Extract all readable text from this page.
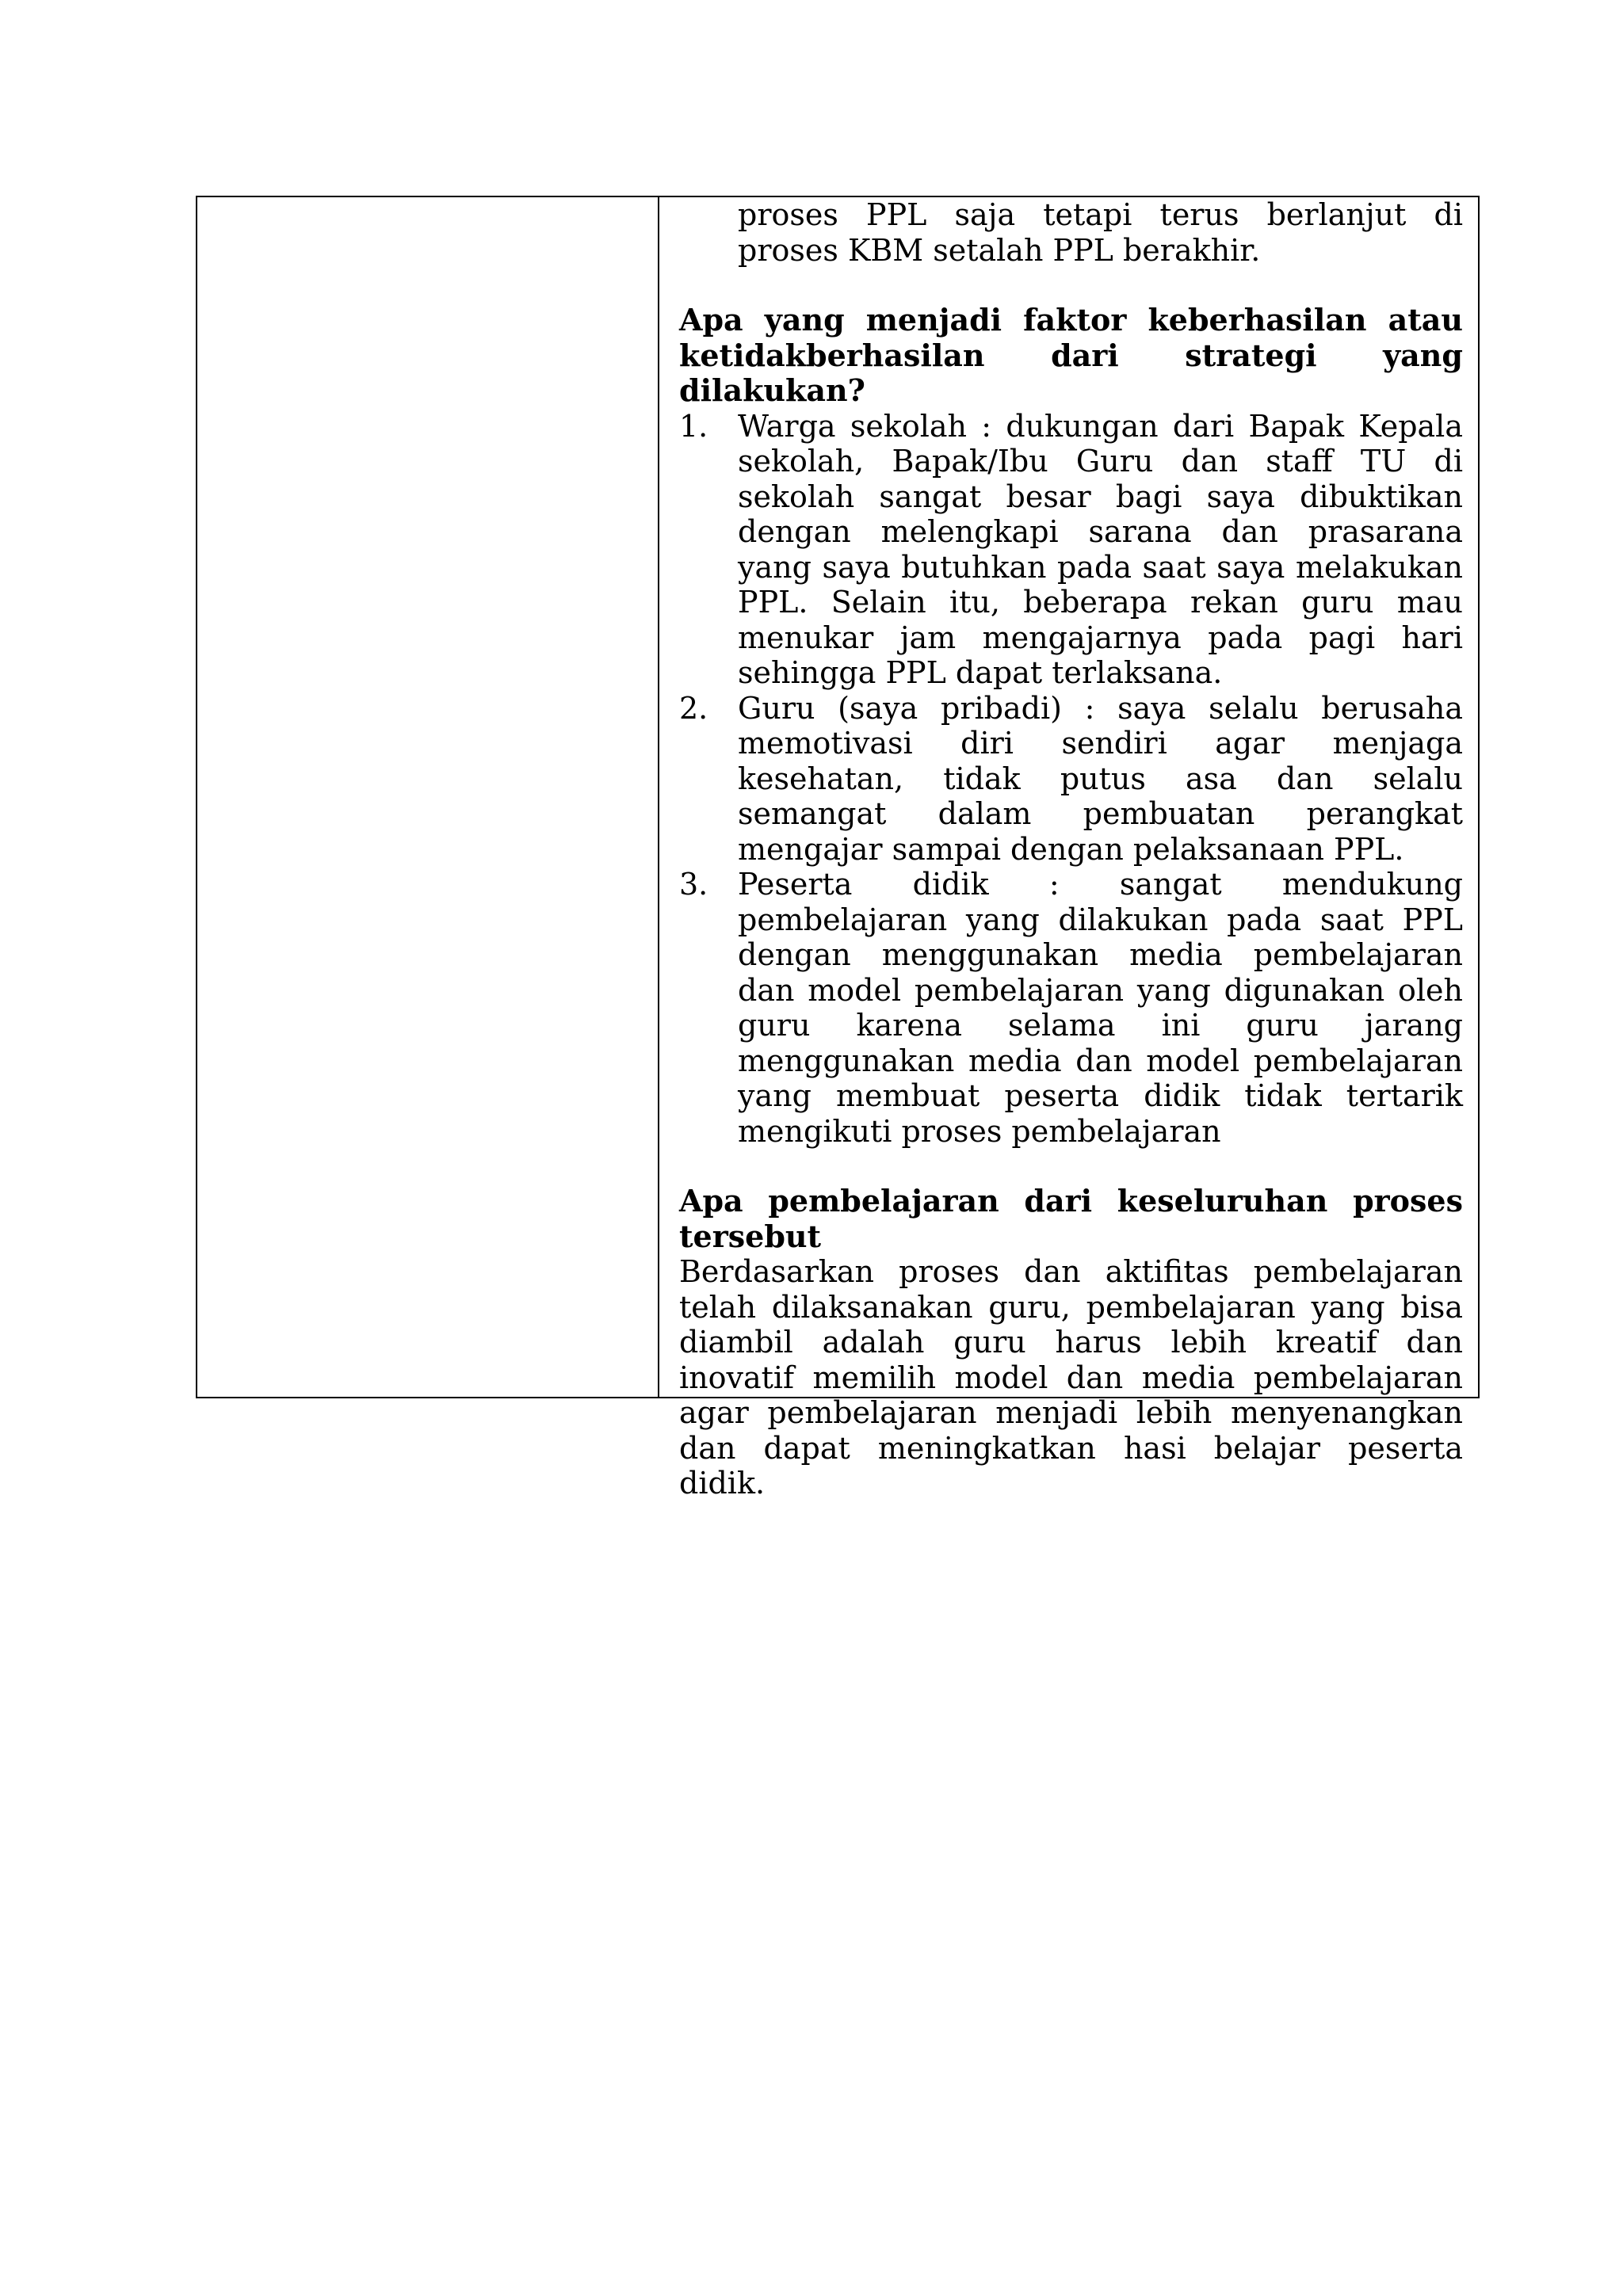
proses PPL saja tetapi terus berlanjut di proses KBM setalah PPL berakhir.

Apa yang menjadi faktor keberhasilan atau ketidakberhasilan dari strategi yang dilakukan?

1. Warga sekolah : dukungan dari Bapak Kepala sekolah, Bapak/Ibu Guru dan staff TU di sekolah sangat besar bagi saya dibuktikan dengan melengkapi sarana dan prasarana yang saya butuhkan pada saat saya melakukan PPL. Selain itu, beberapa rekan guru mau menukar jam mengajarnya pada pagi hari sehingga PPL dapat terlaksana.
2. Guru (saya pribadi) : saya selalu berusaha memotivasi diri sendiri agar menjaga kesehatan, tidak putus asa dan selalu semangat dalam pembuatan perangkat mengajar sampai dengan pelaksanaan PPL.
3. Peserta didik : sangat mendukung pembelajaran yang dilakukan pada saat PPL dengan menggunakan media pembelajaran dan model pembelajaran yang digunakan oleh guru karena selama ini guru jarang menggunakan media dan model pembelajaran yang membuat peserta didik tidak tertarik mengikuti proses pembelajaran

Apa pembelajaran dari keseluruhan proses tersebut

Berdasarkan proses dan aktifitas pembelajaran telah dilaksanakan guru, pembelajaran yang bisa diambil adalah guru harus lebih kreatif dan inovatif memilih model dan media pembelajaran agar pembelajaran menjadi lebih menyenangkan dan dapat meningkatkan hasi belajar peserta didik.
